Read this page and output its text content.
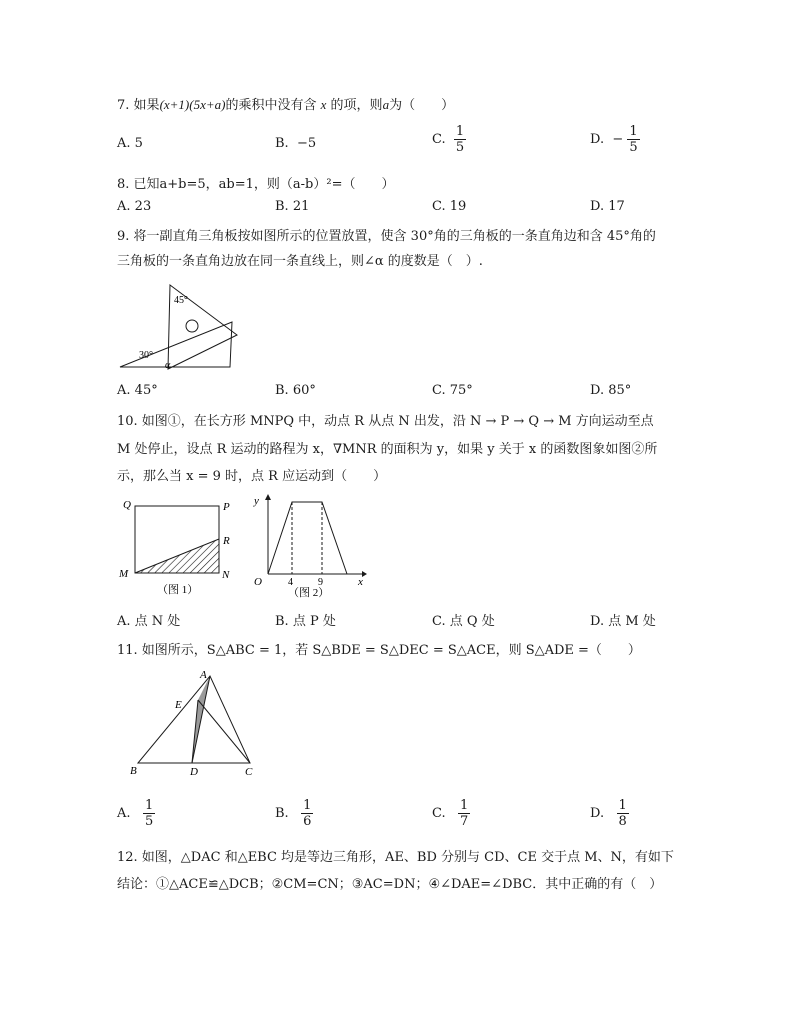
7. 如果(x+1)(5x+a)的乘积中没有含 x 的项，则a为（　　）
A. 5	B. −5	C. $\frac{1}{5}$	D. − $\frac{1}{5}$
8. 已知a+b=5，ab=1，则（a-b）²=（　　）
A. 23	B. 21	C. 19	D. 17
9. 将一副直角三角板按如图所示的位置放置，使含 30°角的三角板的一条直角边和含 45°角的
三角板的一条直角边放在同一条直线上，则∠α 的度数是（　）.
45°
30°
α
A. 45°	B. 60°	C. 75°	D. 85°
10. 如图①，在长方形 MNPQ 中，动点 R 从点 N 出发，沿 N → P → Q → M 方向运动至点
M 处停止，设点 R 运动的路程为 x，∇MNR 的面积为 y，如果 y 关于 x 的函数图象如图②所
示，那么当 x = 9 时，点 R 应运动到（　　）
Q	P
R
M	N
（图 1）
y
O	4	9	x
（图 2）
A. 点 N 处	B. 点 P 处	C. 点 Q 处	D. 点 M 处
11. 如图所示，S△ABC = 1，若 S△BDE = S△DEC = S△ACE，则 S△ADE =（　　）
A
E
B	D	C
A. $\frac{1}{5}$	B. $\frac{1}{6}$	C. $\frac{1}{7}$	D. $\frac{1}{8}$
12. 如图，△DAC 和△EBC 均是等边三角形，AE、BD 分别与 CD、CE 交于点 M、N，有如下
结论：①△ACE≌△DCB；②CM=CN；③AC=DN；④∠DAE=∠DBC．其中正确的有（　）
